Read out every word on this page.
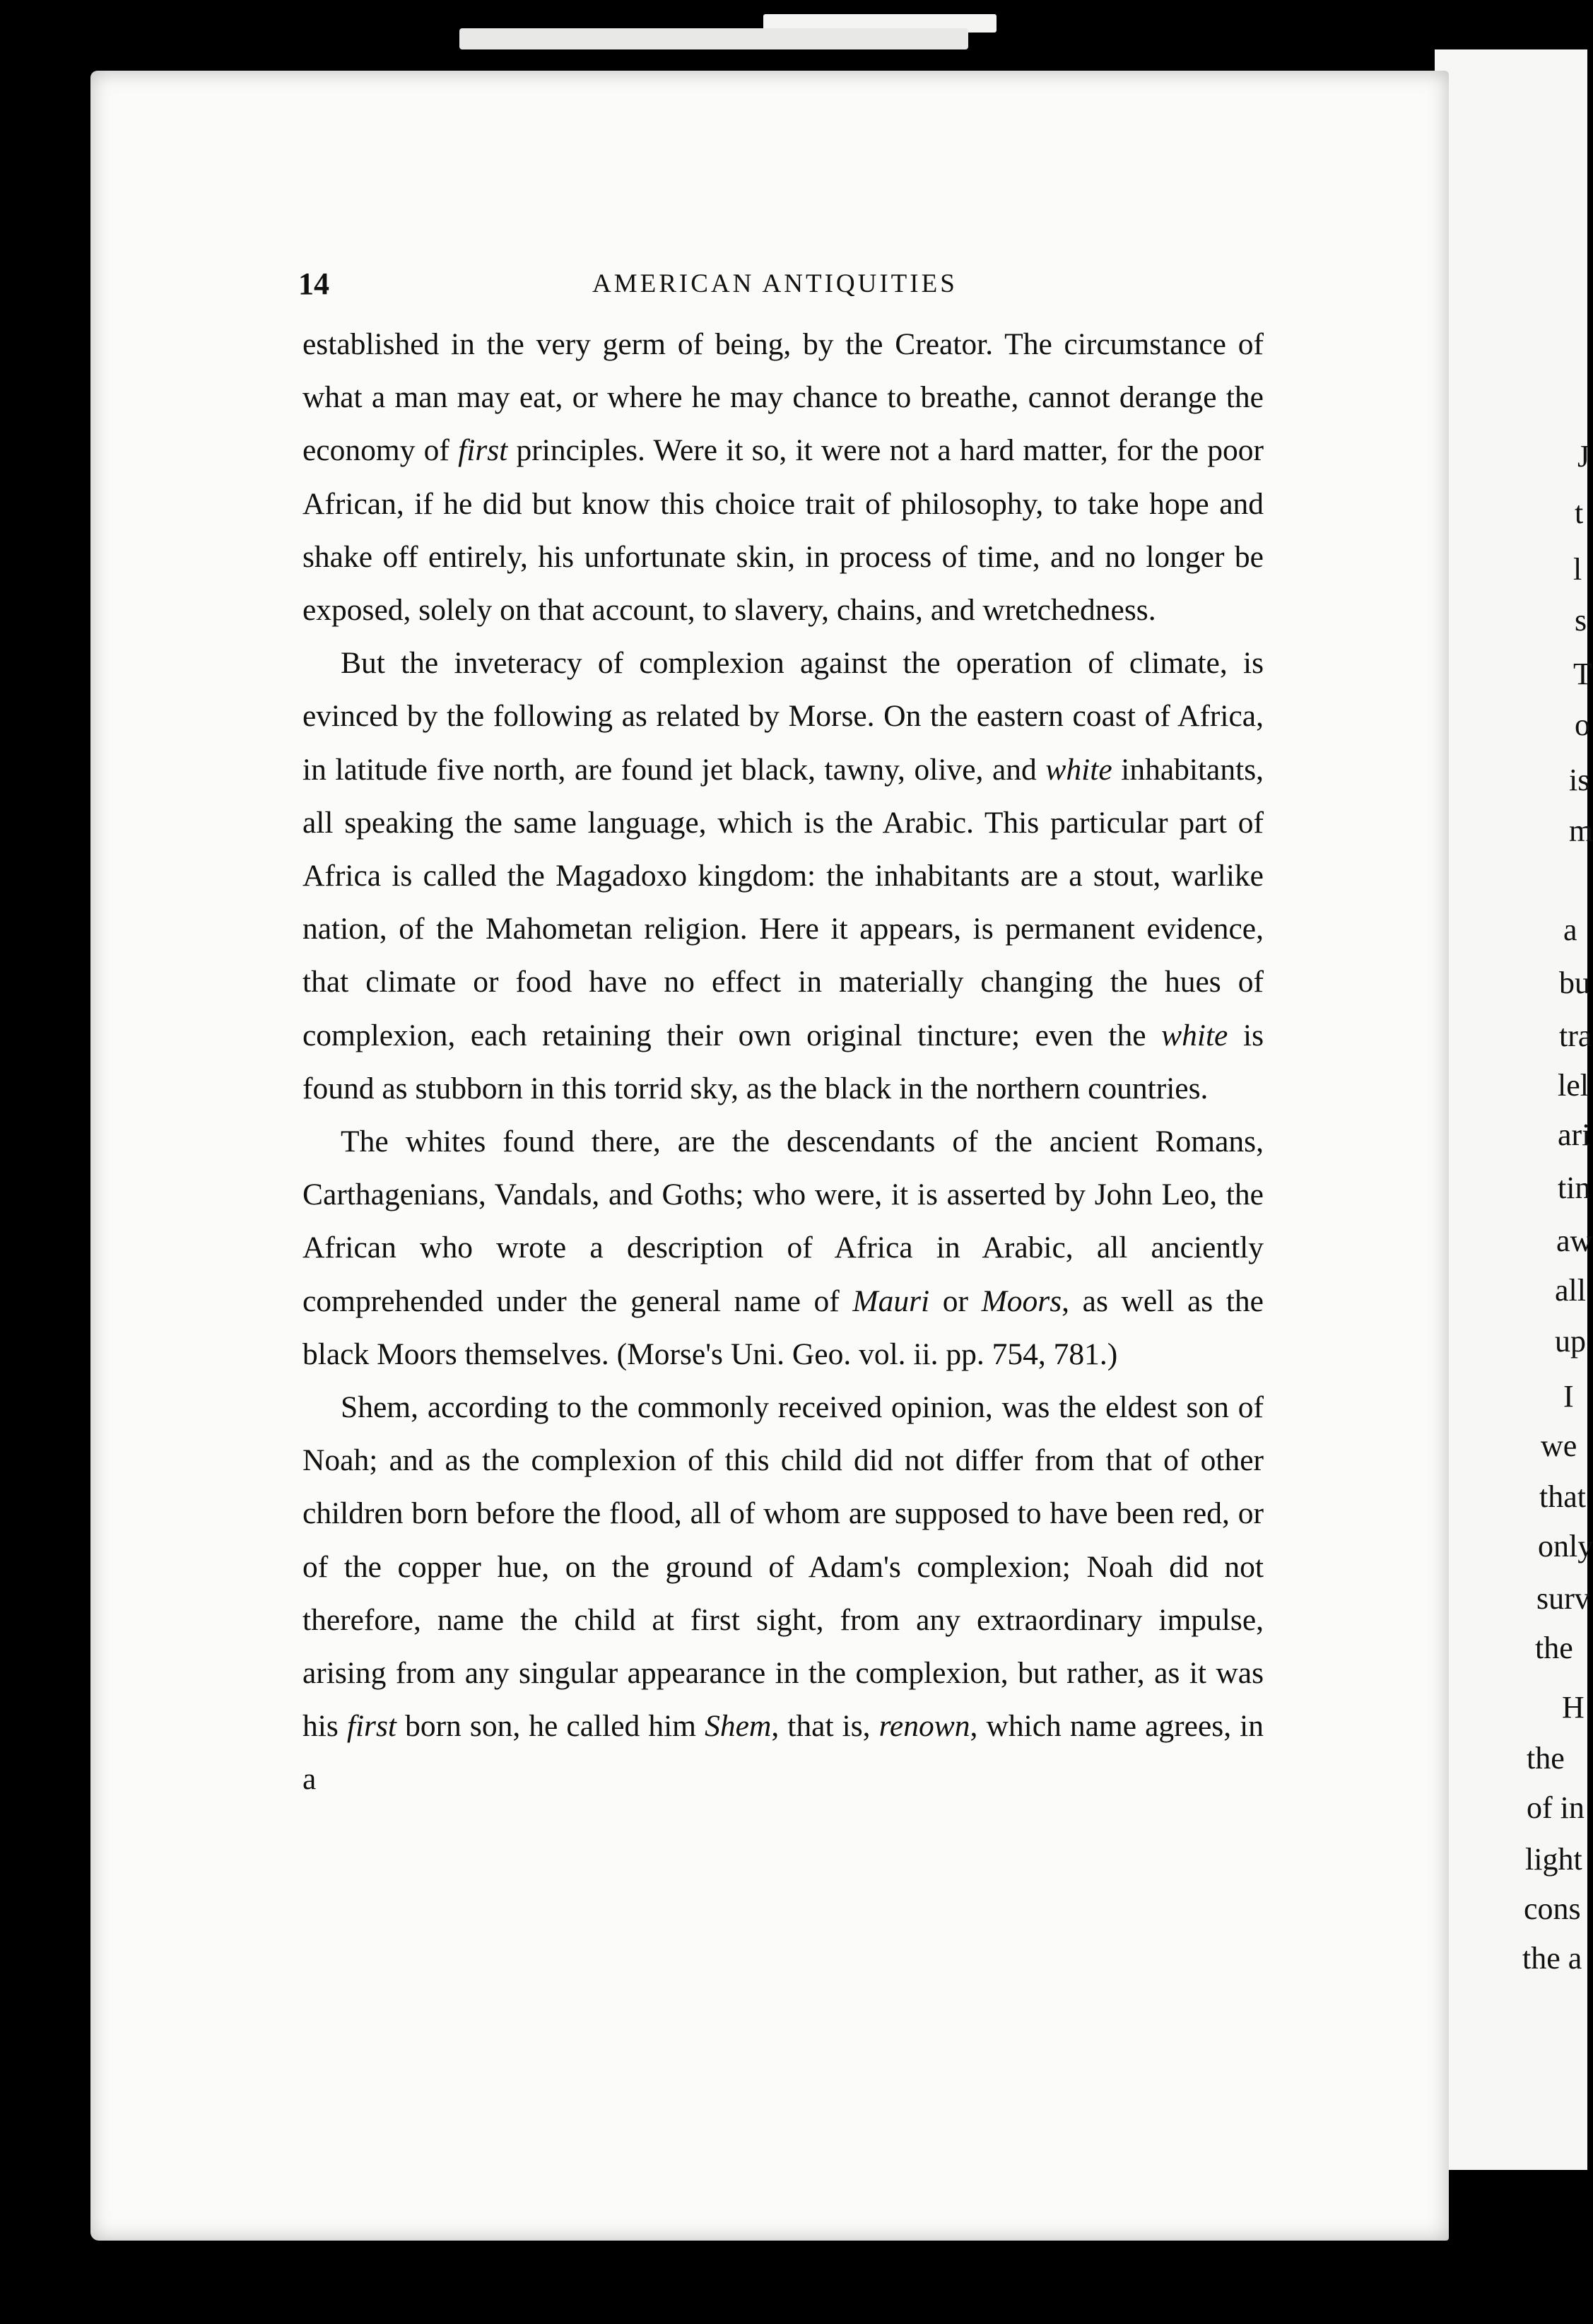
14	AMERICAN ANTIQUITIES

established in the very germ of being, by the Creator. The circumstance of what a man may eat, or where he may chance to breathe, cannot derange the economy of first principles. Were it so, it were not a hard matter, for the poor African, if he did but know this choice trait of philosophy, to take hope and shake off entirely, his unfortunate skin, in process of time, and no longer be exposed, solely on that account, to slavery, chains, and wretchedness.

But the inveteracy of complexion against the operation of climate, is evinced by the following as related by Morse. On the eastern coast of Africa, in latitude five north, are found jet black, tawny, olive, and white inhabitants, all speaking the same language, which is the Arabic. This particular part of Africa is called the Magadoxo kingdom: the inhabitants are a stout, warlike nation, of the Mahometan religion. Here it appears, is permanent evidence, that climate or food have no effect in materially changing the hues of complexion, each retaining their own original tincture; even the white is found as stubborn in this torrid sky, as the black in the northern countries.

The whites found there, are the descendants of the ancient Romans, Carthagenians, Vandals, and Goths; who were, it is asserted by John Leo, the African who wrote a description of Africa in Arabic, all anciently comprehended under the general name of Mauri or Moors, as well as the black Moors themselves. (Morse's Uni. Geo. vol. ii. pp. 754, 781.)

Shem, according to the commonly received opinion, was the eldest son of Noah; and as the complexion of this child did not differ from that of other children born before the flood, all of whom are supposed to have been red, or of the copper hue, on the ground of Adam's complexion; Noah did not therefore, name the child at first sight, from any extraordinary impulse, arising from any singular appearance in the complexion, but rather, as it was his first born son, he called him Shem, that is, renown, which name agrees, in a

J
t
l
s
T
o
is
m
a
bu
tra
lel
ari
tin
aw
all
up
I
we
that
only
surv
the
H
the
of in
light
cons
the a
